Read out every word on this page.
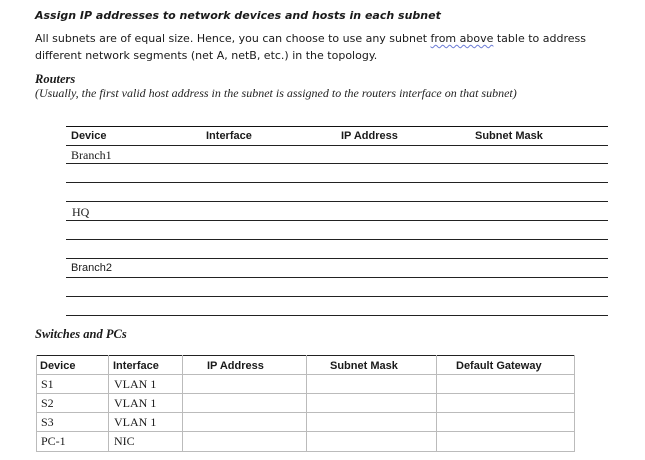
Assign IP addresses to network devices and hosts in each subnet
All subnets are of equal size. Hence, you can choose to use any subnet from above table to address different network segments (net A, netB, etc.) in the topology.
Routers
(Usually, the first valid host address in the subnet is assigned to the routers interface on that subnet)
Device	Interface	IP Address	Subnet Mask
Branch1
HQ
Branch2
Switches and PCs
Device	Interface	IP Address	Subnet Mask	Default Gateway
S1	VLAN 1
S2	VLAN 1
S3	VLAN 1
PC-1	NIC
